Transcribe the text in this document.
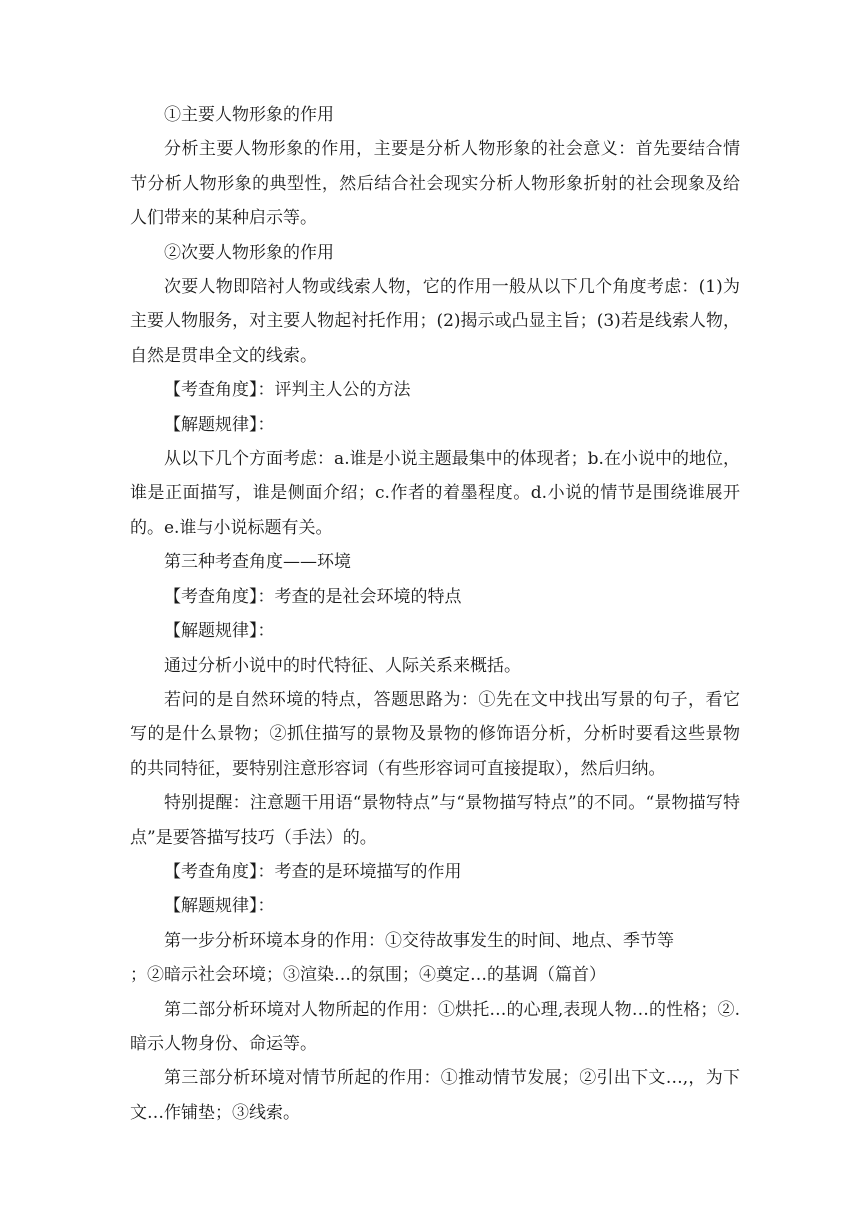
①主要人物形象的作用

分析主要人物形象的作用，主要是分析人物形象的社会意义：首先要结合情节分析人物形象的典型性，然后结合社会现实分析人物形象折射的社会现象及给人们带来的某种启示等。

②次要人物形象的作用

次要人物即陪衬人物或线索人物，它的作用一般从以下几个角度考虑：(1)为主要人物服务，对主要人物起衬托作用；(2)揭示或凸显主旨；(3)若是线索人物，自然是贯串全文的线索。

【考查角度】：评判主人公的方法

【解题规律】：

从以下几个方面考虑：a.谁是小说主题最集中的体现者；b.在小说中的地位，谁是正面描写，谁是侧面介绍；c.作者的着墨程度。d.小说的情节是围绕谁展开的。e.谁与小说标题有关。

第三种考查角度——环境

【考查角度】：考查的是社会环境的特点

【解题规律】：

通过分析小说中的时代特征、人际关系来概括。

若问的是自然环境的特点，答题思路为：①先在文中找出写景的句子，看它写的是什么景物；②抓住描写的景物及景物的修饰语分析，分析时要看这些景物的共同特征，要特别注意形容词（有些形容词可直接提取），然后归纳。

特别提醒：注意题干用语“景物特点”与“景物描写特点”的不同。“景物描写特点”是要答描写技巧（手法）的。

【考查角度】：考查的是环境描写的作用

【解题规律】：

第一步分析环境本身的作用：①交待故事发生的时间、地点、季节等
；②暗示社会环境；③渲染…的氛围；④奠定…的基调（篇首）

第二部分析环境对人物所起的作用：①烘托…的心理,表现人物…的性格；②.暗示人物身份、命运等。

第三部分析环境对情节所起的作用：①推动情节发展；②引出下文…,，为下文…作铺垫；③线索。
